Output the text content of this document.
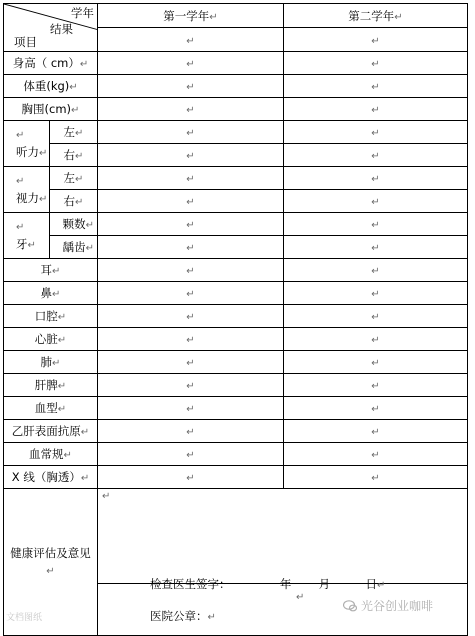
学年
结果
项目		第一学年↵	第二学年↵
		↵	↵
身高（ cm）↵		↵	↵
体重(kg)↵		↵	↵
胸围(cm)↵		↵	↵
↵
听力↵	左↵	↵	↵
	右↵	↵	↵
↵
视力↵	左↵	↵	↵
	右↵	↵	↵
↵
牙↵	颗数↵	↵	↵
	龋齿↵	↵	↵
耳↵		↵	↵
鼻↵		↵	↵
口腔↵		↵	↵
心脏↵		↵	↵
肺↵		↵	↵
肝脾↵		↵	↵
血型↵		↵	↵
乙肝表面抗原↵		↵	↵
血常规↵		↵	↵
X 线（胸透）↵		↵	↵
健康评估及意见↵		↵	
检查医生签字：	年 月	日↵
↵
医院公章：↵
文档图纸
光谷创业咖啡
